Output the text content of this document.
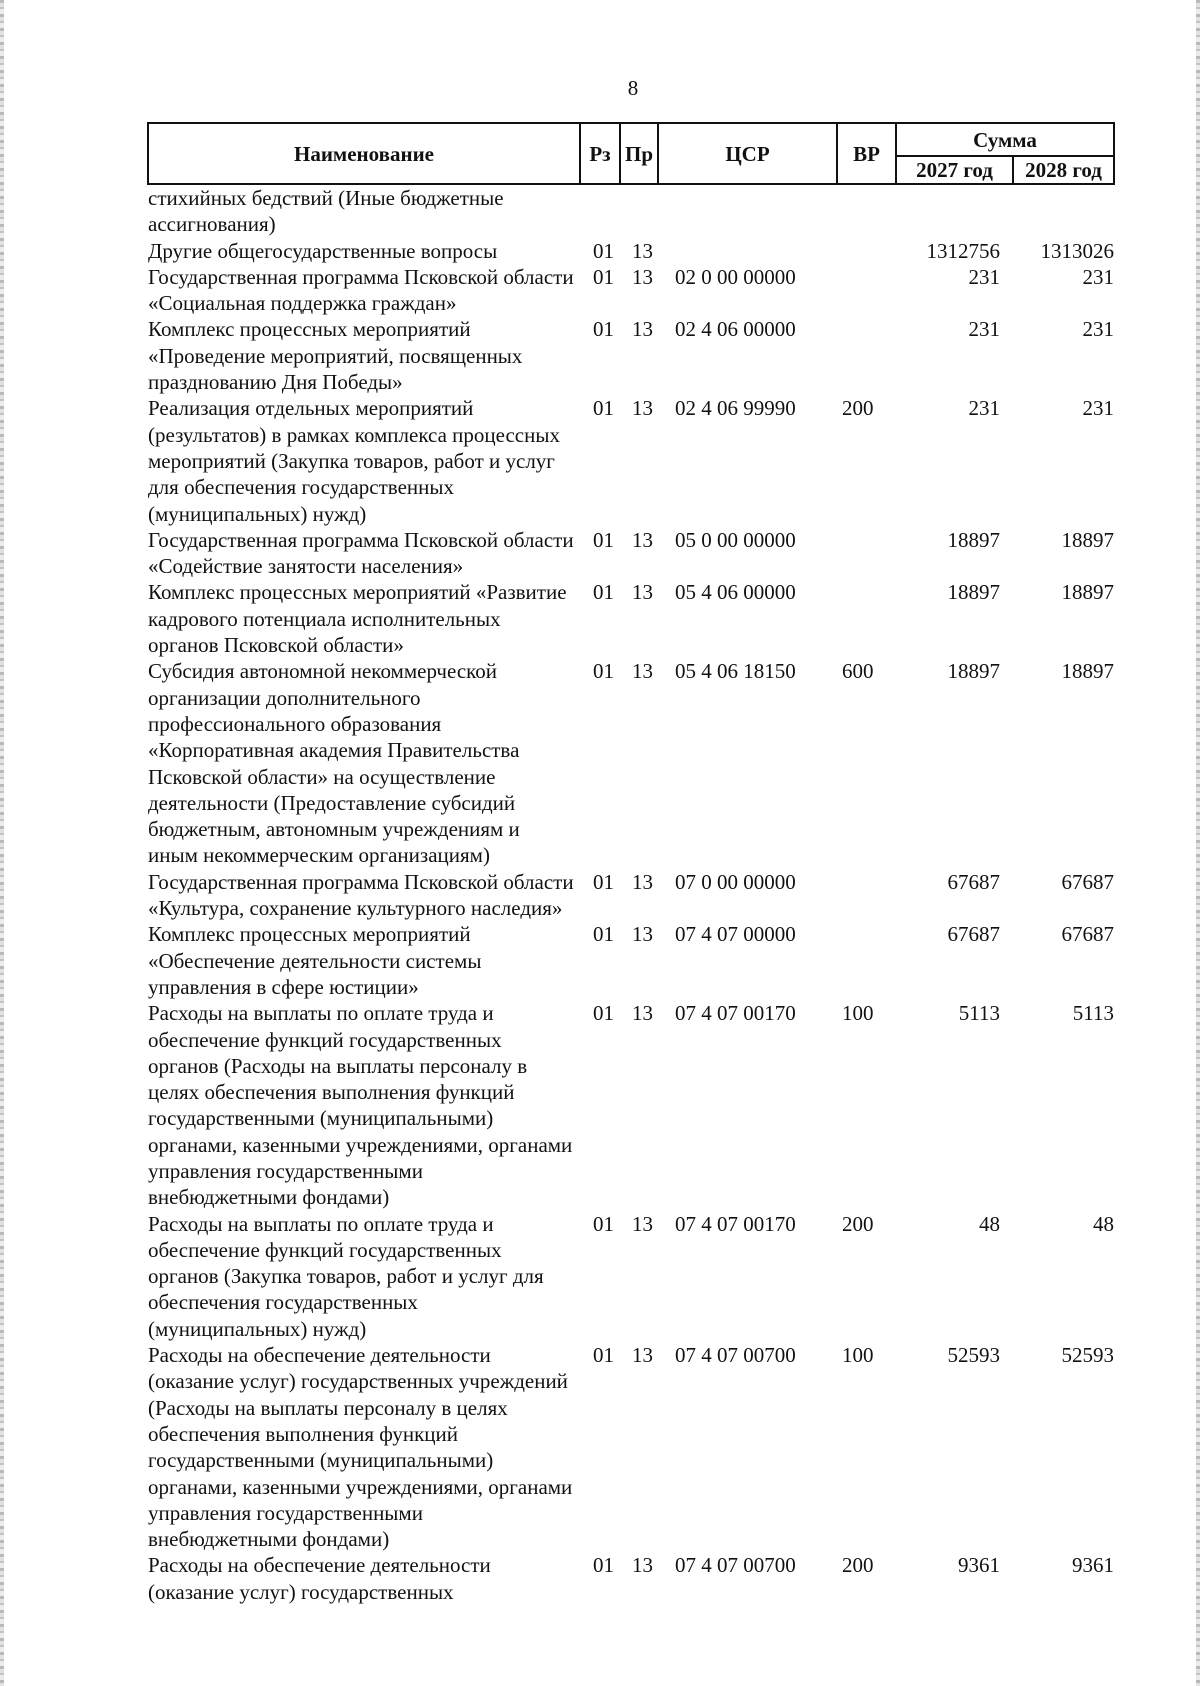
8
Наименование	Рз	Пр	ЦСР	ВР	Сумма	
					2027 год	2028 год
стихийных бедствий (Иные бюджетные ассигнования)						
Другие общегосударственные вопросы	01	13			1312756	1313026
Государственная программа Псковской области «Социальная поддержка граждан»	01	13	02 0 00 00000		231	231
Комплекс процессных мероприятий «Проведение мероприятий, посвященных празднованию Дня Победы»	01	13	02 4 06 00000		231	231
Реализация отдельных мероприятий (результатов) в рамках комплекса процессных мероприятий (Закупка товаров, работ и услуг для обеспечения государственных (муниципальных) нужд)	01	13	02 4 06 99990	200	231	231
Государственная программа Псковской области «Содействие занятости населения»	01	13	05 0 00 00000		18897	18897
Комплекс процессных мероприятий «Развитие кадрового потенциала исполнительных органов Псковской области»	01	13	05 4 06 00000		18897	18897
Субсидия автономной некоммерческой организации дополнительного профессионального образования «Корпоративная академия Правительства Псковской области» на осуществление деятельности (Предоставление субсидий бюджетным, автономным учреждениям и иным некоммерческим организациям)	01	13	05 4 06 18150	600	18897	18897
Государственная программа Псковской области «Культура, сохранение культурного наследия»	01	13	07 0 00 00000		67687	67687
Комплекс процессных мероприятий «Обеспечение деятельности системы управления в сфере юстиции»	01	13	07 4 07 00000		67687	67687
Расходы на выплаты по оплате труда и обеспечение функций государственных органов (Расходы на выплаты персоналу в целях обеспечения выполнения функций государственными (муниципальными) органами, казенными учреждениями, органами управления государственными внебюджетными фондами)	01	13	07 4 07 00170	100	5113	5113
Расходы на выплаты по оплате труда и обеспечение функций государственных органов (Закупка товаров, работ и услуг для обеспечения государственных (муниципальных) нужд)	01	13	07 4 07 00170	200	48	48
Расходы на обеспечение деятельности (оказание услуг) государственных учреждений (Расходы на выплаты персоналу в целях обеспечения выполнения функций государственными (муниципальными) органами, казенными учреждениями, органами управления государственными внебюджетными фондами)	01	13	07 4 07 00700	100	52593	52593
Расходы на обеспечение деятельности (оказание услуг) государственных	01	13	07 4 07 00700	200	9361	9361
